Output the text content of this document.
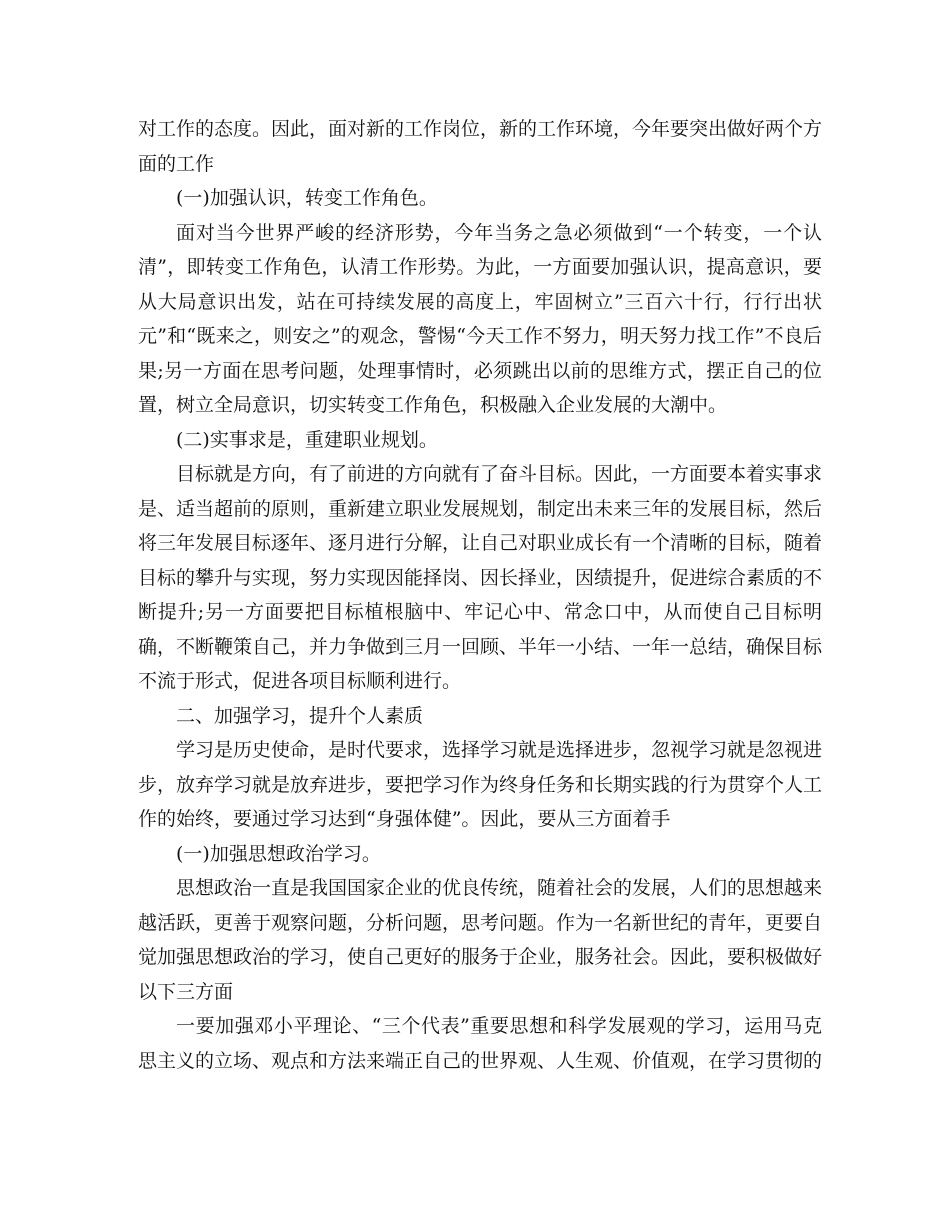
对工作的态度。因此，面对新的工作岗位，新的工作环境，今年要突出做好两个方面的工作

(一)加强认识，转变工作角色。

面对当今世界严峻的经济形势，今年当务之急必须做到“一个转变，一个认清”，即转变工作角色，认清工作形势。为此，一方面要加强认识，提高意识，要从大局意识出发，站在可持续发展的高度上，牢固树立”三百六十行，行行出状元”和“既来之，则安之”的观念，警惕“今天工作不努力，明天努力找工作”不良后果;另一方面在思考问题，处理事情时，必须跳出以前的思维方式，摆正自己的位置，树立全局意识，切实转变工作角色，积极融入企业发展的大潮中。

(二)实事求是，重建职业规划。

目标就是方向，有了前进的方向就有了奋斗目标。因此，一方面要本着实事求是、适当超前的原则，重新建立职业发展规划，制定出未来三年的发展目标，然后将三年发展目标逐年、逐月进行分解，让自己对职业成长有一个清晰的目标，随着目标的攀升与实现，努力实现因能择岗、因长择业，因绩提升，促进综合素质的不断提升;另一方面要把目标植根脑中、牢记心中、常念口中，从而使自己目标明确，不断鞭策自己，并力争做到三月一回顾、半年一小结、一年一总结，确保目标不流于形式，促进各项目标顺利进行。

二、加强学习，提升个人素质

学习是历史使命，是时代要求，选择学习就是选择进步，忽视学习就是忽视进步，放弃学习就是放弃进步，要把学习作为终身任务和长期实践的行为贯穿个人工作的始终，要通过学习达到“身强体健”。因此，要从三方面着手

(一)加强思想政治学习。

思想政治一直是我国国家企业的优良传统，随着社会的发展，人们的思想越来越活跃，更善于观察问题，分析问题，思考问题。作为一名新世纪的青年，更要自觉加强思想政治的学习，使自己更好的服务于企业，服务社会。因此，要积极做好以下三方面

一要加强邓小平理论、“三个代表”重要思想和科学发展观的学习，运用马克思主义的立场、观点和方法来端正自己的世界观、人生观、价值观，在学习贯彻的
